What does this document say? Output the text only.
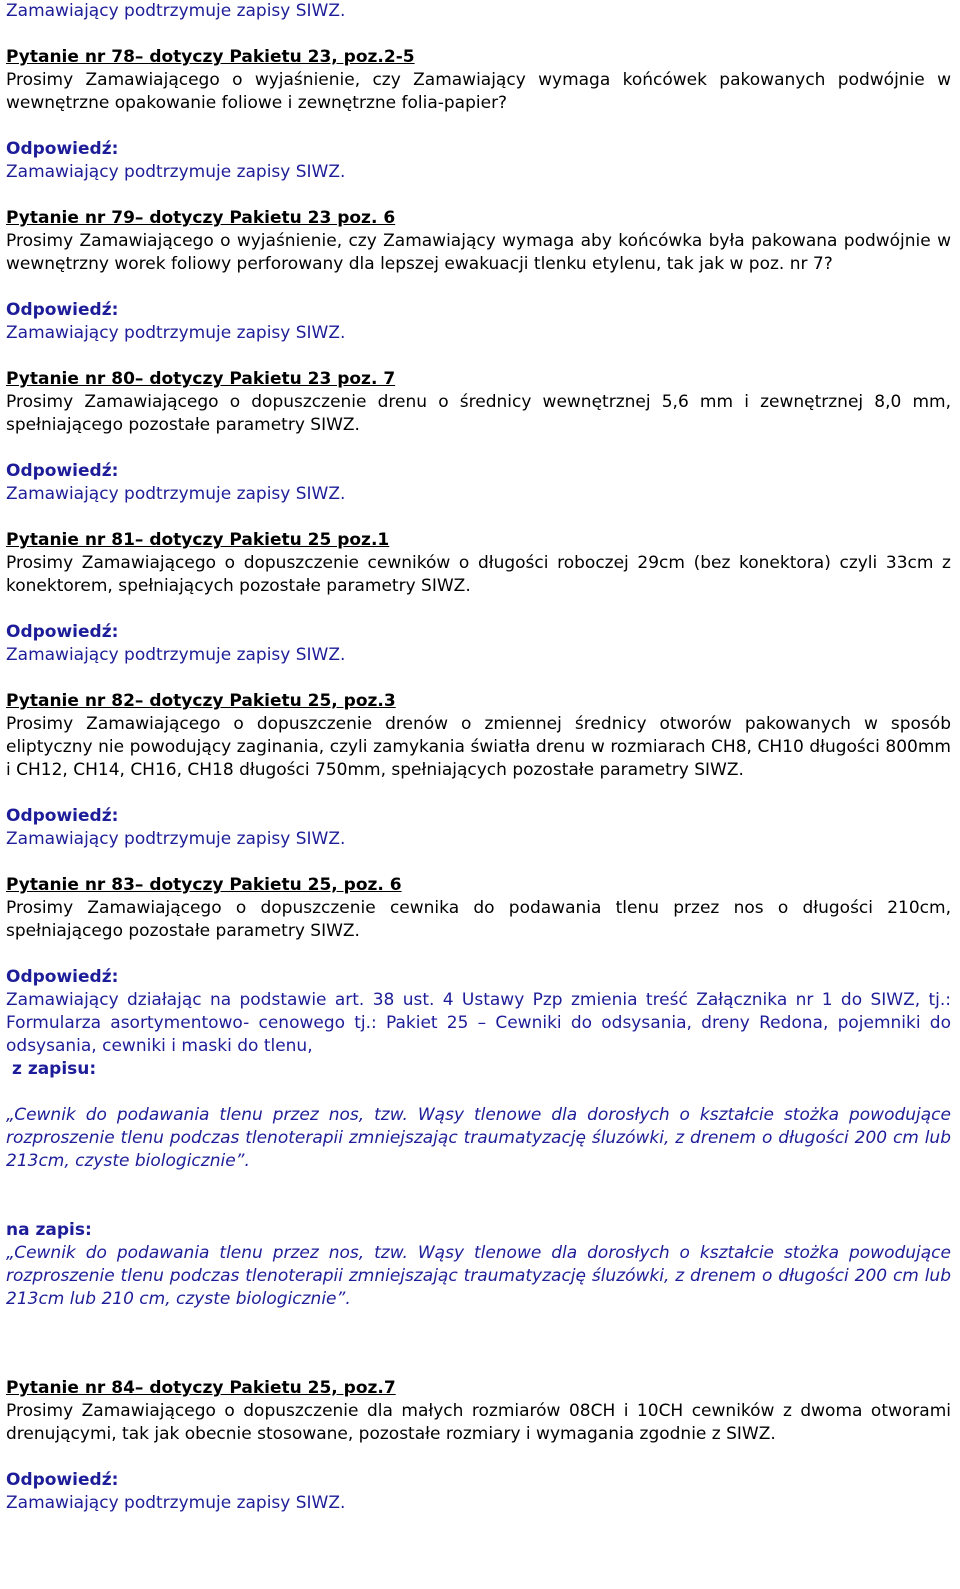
Zamawiający podtrzymuje zapisy SIWZ.
Pytanie nr 78– dotyczy Pakietu 23, poz.2-5
Prosimy Zamawiającego o wyjaśnienie, czy Zamawiający wymaga końcówek pakowanych podwójnie w wewnętrzne opakowanie foliowe i zewnętrzne folia-papier?
Odpowiedź:
Zamawiający podtrzymuje zapisy SIWZ.
Pytanie nr 79– dotyczy Pakietu 23 poz. 6
Prosimy Zamawiającego o wyjaśnienie, czy Zamawiający wymaga aby końcówka była pakowana podwójnie w wewnętrzny worek foliowy perforowany dla lepszej ewakuacji tlenku etylenu, tak jak w poz. nr 7?
Odpowiedź:
Zamawiający podtrzymuje zapisy SIWZ.
Pytanie nr 80– dotyczy Pakietu 23 poz. 7
Prosimy Zamawiającego o dopuszczenie drenu o średnicy wewnętrznej 5,6 mm i zewnętrznej 8,0 mm, spełniającego pozostałe parametry SIWZ.
Odpowiedź:
Zamawiający podtrzymuje zapisy SIWZ.
Pytanie nr 81– dotyczy Pakietu 25 poz.1
Prosimy Zamawiającego o dopuszczenie cewników o długości roboczej 29cm (bez konektora) czyli 33cm z konektorem, spełniających pozostałe parametry SIWZ.
Odpowiedź:
Zamawiający podtrzymuje zapisy SIWZ.
Pytanie nr 82– dotyczy Pakietu 25, poz.3
Prosimy Zamawiającego o dopuszczenie drenów o zmiennej średnicy otworów pakowanych w sposób eliptyczny nie powodujący zaginania, czyli zamykania światła drenu w rozmiarach CH8, CH10 długości 800mm i CH12, CH14, CH16, CH18 długości 750mm, spełniających pozostałe parametry SIWZ.
Odpowiedź:
Zamawiający podtrzymuje zapisy SIWZ.
Pytanie nr 83– dotyczy Pakietu 25, poz. 6
Prosimy Zamawiającego o dopuszczenie cewnika do podawania tlenu przez nos o długości 210cm, spełniającego pozostałe parametry SIWZ.
Odpowiedź:
Zamawiający działając na podstawie art. 38 ust. 4 Ustawy Pzp zmienia treść Załącznika nr 1 do SIWZ, tj.: Formularza asortymentowo- cenowego tj.: Pakiet 25 – Cewniki do odsysania, dreny Redona, pojemniki do odsysania, cewniki i maski do tlenu,
z zapisu:
„Cewnik do podawania tlenu przez nos, tzw. Wąsy tlenowe dla dorosłych o kształcie stożka powodujące rozproszenie tlenu podczas tlenoterapii zmniejszając traumatyzację śluzówki, z drenem o długości 200 cm lub 213cm, czyste biologicznie”.
na zapis:
„Cewnik do podawania tlenu przez nos, tzw. Wąsy tlenowe dla dorosłych o kształcie stożka powodujące rozproszenie tlenu podczas tlenoterapii zmniejszając traumatyzację śluzówki, z drenem o długości 200 cm lub 213cm lub 210 cm, czyste biologicznie”.
Pytanie nr 84– dotyczy Pakietu 25, poz.7
Prosimy Zamawiającego o dopuszczenie dla małych rozmiarów 08CH i 10CH cewników z dwoma otworami drenującymi, tak jak obecnie stosowane, pozostałe rozmiary i wymagania zgodnie z SIWZ.
Odpowiedź:
Zamawiający podtrzymuje zapisy SIWZ.
